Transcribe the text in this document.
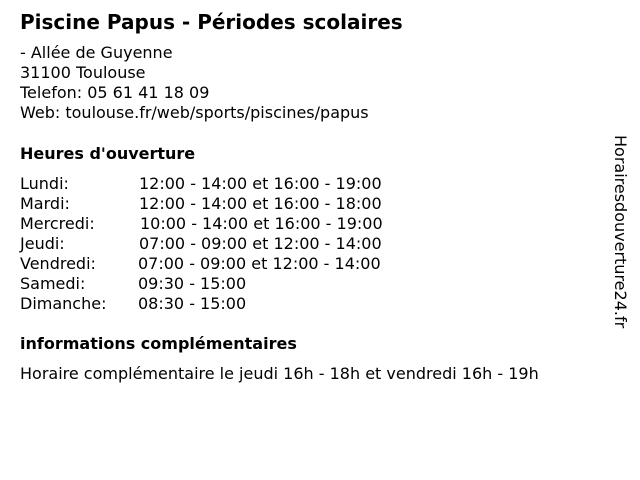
Piscine Papus - Périodes scolaires
- Allée de Guyenne
31100 Toulouse
Telefon: 05 61 41 18 09
Web: toulouse.fr/web/sports/piscines/papus
Heures d'ouverture
Lundi:	12:00 - 14:00 et 16:00 - 19:00
Mardi:	12:00 - 14:00 et 16:00 - 18:00
Mercredi:	10:00 - 14:00 et 16:00 - 19:00
Jeudi:	07:00 - 09:00 et 12:00 - 14:00
Vendredi:	07:00 - 09:00 et 12:00 - 14:00
Samedi:	09:30 - 15:00
Dimanche: 08:30 - 15:00
informations complémentaires
Horaire complémentaire le jeudi 16h - 18h et vendredi 16h - 19h
Horairesdouverture24.fr
